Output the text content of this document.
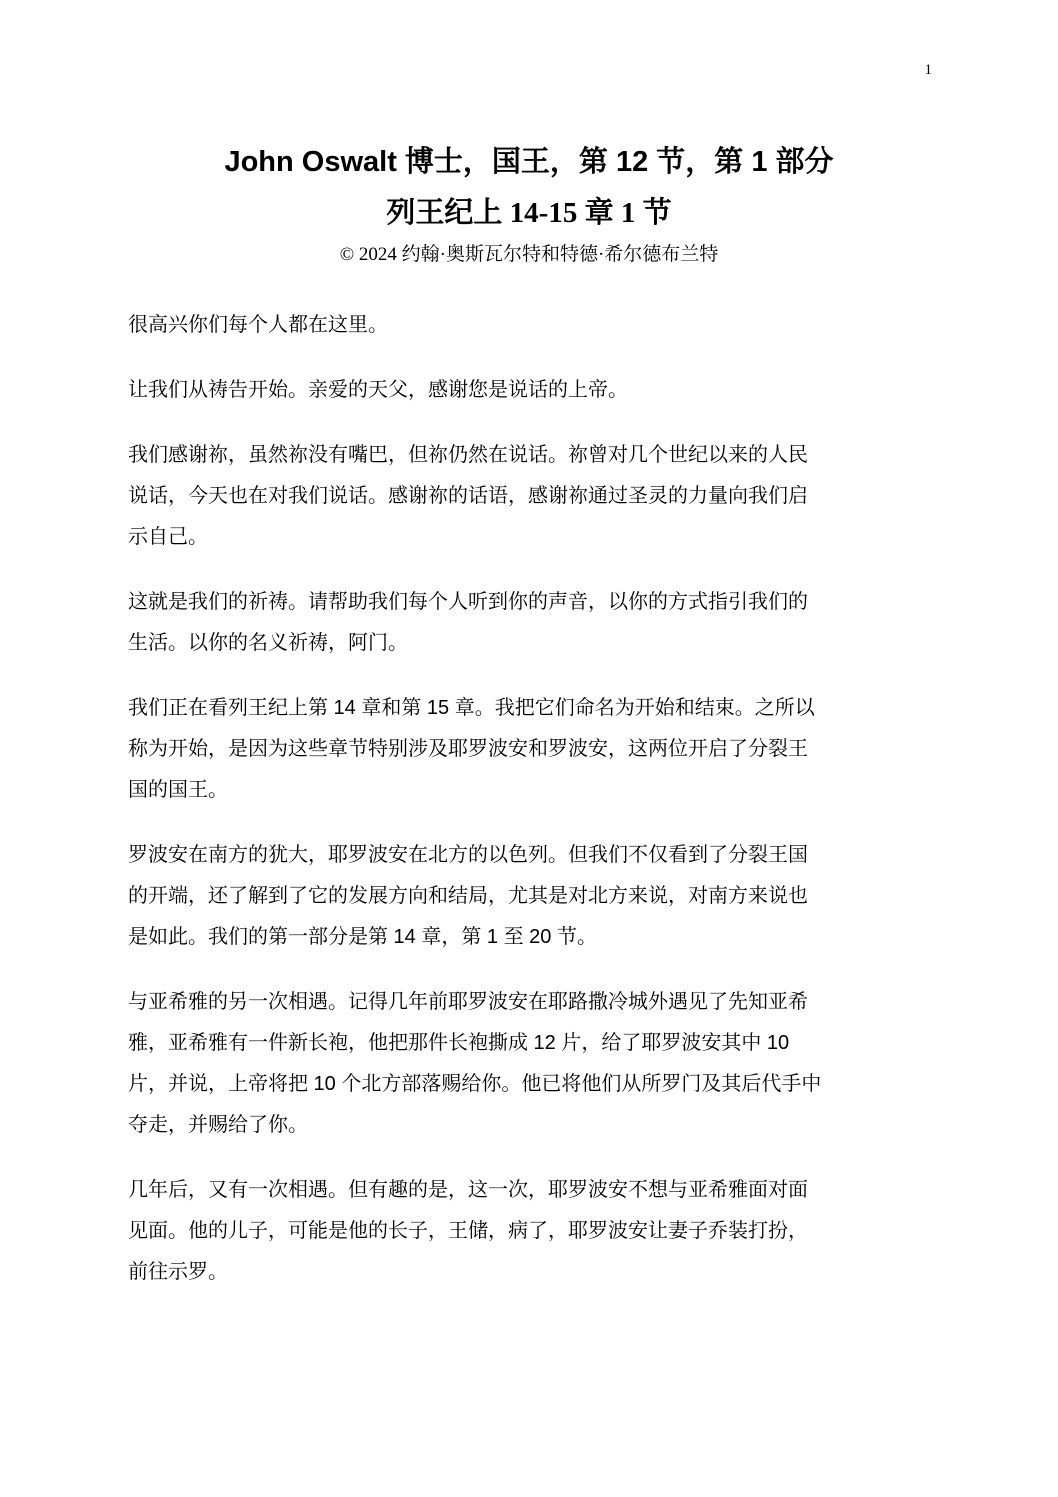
1
John Oswalt 博士，国王，第 12 节，第 1 部分
列王纪上 14-15 章 1 节
© 2024 约翰·奥斯瓦尔特和特德·希尔德布兰特

很高兴你们每个人都在这里。

让我们从祷告开始。亲爱的天父，感谢您是说话的上帝。

我们感谢祢，虽然祢没有嘴巴，但祢仍然在说话。祢曾对几个世纪以来的人民
说话，今天也在对我们说话。感谢祢的话语，感谢祢通过圣灵的力量向我们启
示自己。

这就是我们的祈祷。请帮助我们每个人听到你的声音，以你的方式指引我们的
生活。以你的名义祈祷，阿门。

我们正在看列王纪上第 14 章和第 15 章。我把它们命名为开始和结束。之所以
称为开始，是因为这些章节特别涉及耶罗波安和罗波安，这两位开启了分裂王
国的国王。

罗波安在南方的犹大，耶罗波安在北方的以色列。但我们不仅看到了分裂王国
的开端，还了解到了它的发展方向和结局，尤其是对北方来说，对南方来说也
是如此。我们的第一部分是第 14 章，第 1 至 20 节。

与亚希雅的另一次相遇。记得几年前耶罗波安在耶路撒冷城外遇见了先知亚希
雅，亚希雅有一件新长袍，他把那件长袍撕成 12 片，给了耶罗波安其中 10
片，并说，上帝将把 10 个北方部落赐给你。他已将他们从所罗门及其后代手中
夺走，并赐给了你。

几年后，又有一次相遇。但有趣的是，这一次，耶罗波安不想与亚希雅面对面
见面。他的儿子，可能是他的长子，王储，病了，耶罗波安让妻子乔装打扮，
前往示罗。
